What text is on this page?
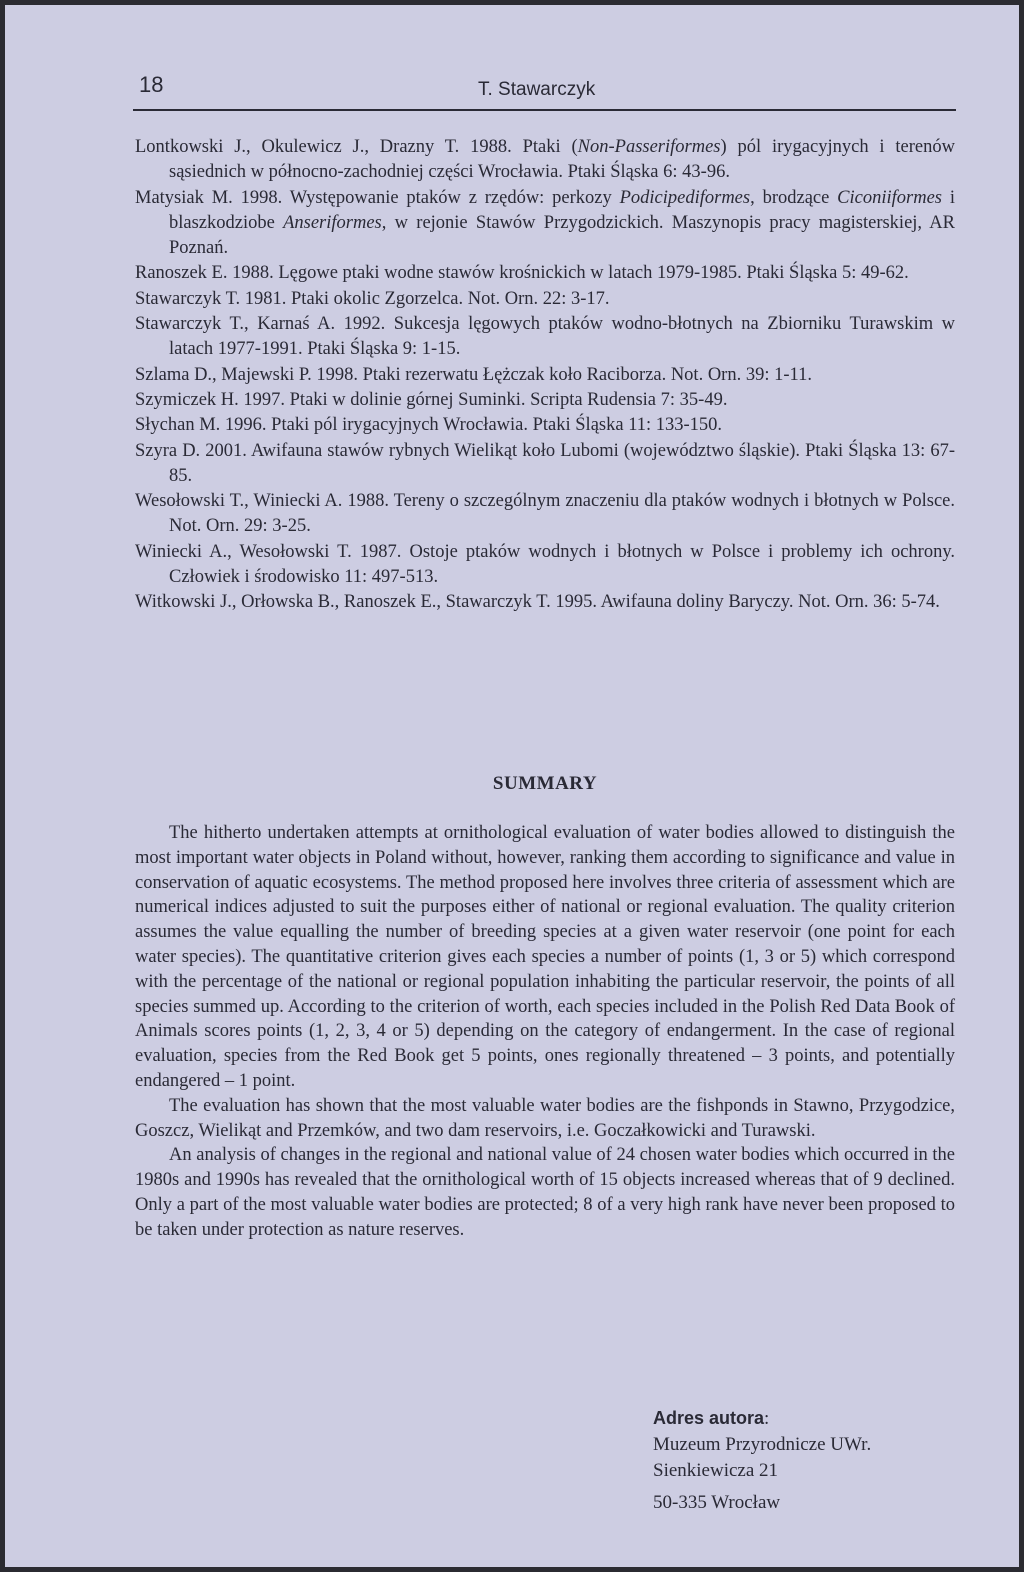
18	T. Stawarczyk
Lontkowski J., Okulewicz J., Drazny T. 1988. Ptaki (Non-Passeriformes) pól irygacyjnych i terenów sąsiednich w północno-zachodniej części Wrocławia. Ptaki Śląska 6: 43-96.
Matysiak M. 1998. Występowanie ptaków z rzędów: perkozy Podicipediformes, brodzące Ciconiiformes i blaszkodziobe Anseriformes, w rejonie Stawów Przygodzickich. Maszynopis pracy magisterskiej, AR Poznań.
Ranoszek E. 1988. Lęgowe ptaki wodne stawów krośnickich w latach 1979-1985. Ptaki Śląska 5: 49-62.
Stawarczyk T. 1981. Ptaki okolic Zgorzelca. Not. Orn. 22: 3-17.
Stawarczyk T., Karnaś A. 1992. Sukcesja lęgowych ptaków wodno-błotnych na Zbiorniku Turawskim w latach 1977-1991. Ptaki Śląska 9: 1-15.
Szlama D., Majewski P. 1998. Ptaki rezerwatu Łężczak koło Raciborza. Not. Orn. 39: 1-11.
Szymiczek H. 1997. Ptaki w dolinie górnej Suminki. Scripta Rudensia 7: 35-49.
Słychan M. 1996. Ptaki pól irygacyjnych Wrocławia. Ptaki Śląska 11: 133-150.
Szyra D. 2001. Awifauna stawów rybnych Wielikąt koło Lubomi (województwo śląskie). Ptaki Śląska 13: 67-85.
Wesołowski T., Winiecki A. 1988. Tereny o szczególnym znaczeniu dla ptaków wodnych i błotnych w Polsce. Not. Orn. 29: 3-25.
Winiecki A., Wesołowski T. 1987. Ostoje ptaków wodnych i błotnych w Polsce i problemy ich ochrony. Człowiek i środowisko 11: 497-513.
Witkowski J., Orłowska B., Ranoszek E., Stawarczyk T. 1995. Awifauna doliny Baryczy. Not. Orn. 36: 5-74.
SUMMARY

The hitherto undertaken attempts at ornithological evaluation of water bodies allowed to distinguish the most important water objects in Poland without, however, ranking them according to significance and value in conservation of aquatic ecosystems. The method proposed here involves three criteria of assessment which are numerical indices adjusted to suit the purposes either of national or regional evaluation. The quality criterion assumes the value equalling the number of breeding species at a given water reservoir (one point for each water species). The quantitative criterion gives each species a number of points (1, 3 or 5) which correspond with the percentage of the national or regional population inhabiting the particular reservoir, the points of all species summed up. According to the criterion of worth, each species included in the Polish Red Data Book of Animals scores points (1, 2, 3, 4 or 5) depending on the category of endangerment. In the case of regional evaluation, species from the Red Book get 5 points, ones regionally threatened – 3 points, and potentially endangered – 1 point.

The evaluation has shown that the most valuable water bodies are the fishponds in Stawno, Przygodzice, Goszcz, Wielikąt and Przemków, and two dam reservoirs, i.e. Goczałkowicki and Turawski.

An analysis of changes in the regional and national value of 24 chosen water bodies which occurred in the 1980s and 1990s has revealed that the ornithological worth of 15 objects increased whereas that of 9 declined. Only a part of the most valuable water bodies are protected; 8 of a very high rank have never been proposed to be taken under protection as nature reserves.

Adres autora:
Muzeum Przyrodnicze UWr.
Sienkiewicza 21
50-335 Wrocław
